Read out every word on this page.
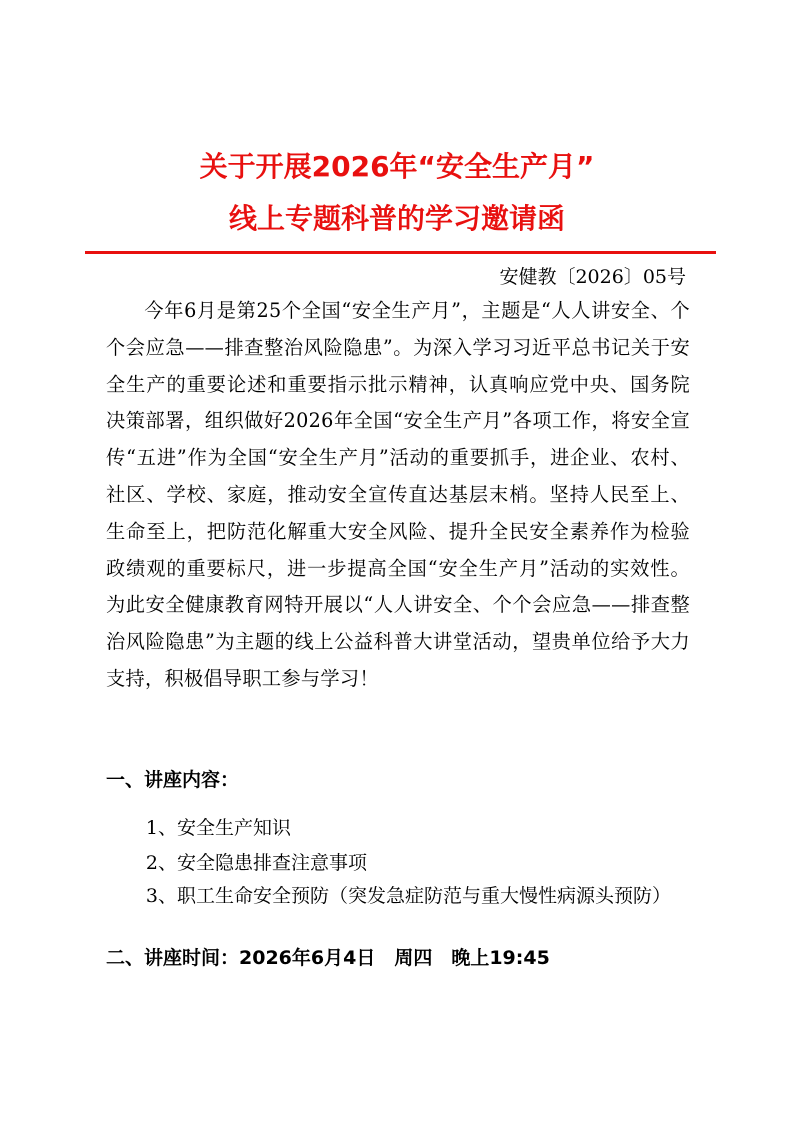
关于开展2026年“安全生产月”
线上专题科普的学习邀请函
安健教〔2026〕05号
今年6月是第25个全国“安全生产月”，主题是“人人讲安全、个个会应急——排查整治风险隐患”。为深入学习习近平总书记关于安全生产的重要论述和重要指示批示精神，认真响应党中央、国务院决策部署，组织做好2026年全国“安全生产月”各项工作，将安全宣传“五进”作为全国“安全生产月”活动的重要抓手，进企业、农村、社区、学校、家庭，推动安全宣传直达基层末梢。坚持人民至上、生命至上，把防范化解重大安全风险、提升全民安全素养作为检验政绩观的重要标尺，进一步提高全国“安全生产月”活动的实效性。为此安全健康教育网特开展以“人人讲安全、个个会应急——排查整治风险隐患”为主题的线上公益科普大讲堂活动，望贵单位给予大力支持，积极倡导职工参与学习！
一、讲座内容：
1、安全生产知识
2、安全隐患排查注意事项
3、职工生命安全预防（突发急症防范与重大慢性病源头预防）
二、讲座时间：2026年6月4日　周四　晚上19:45
